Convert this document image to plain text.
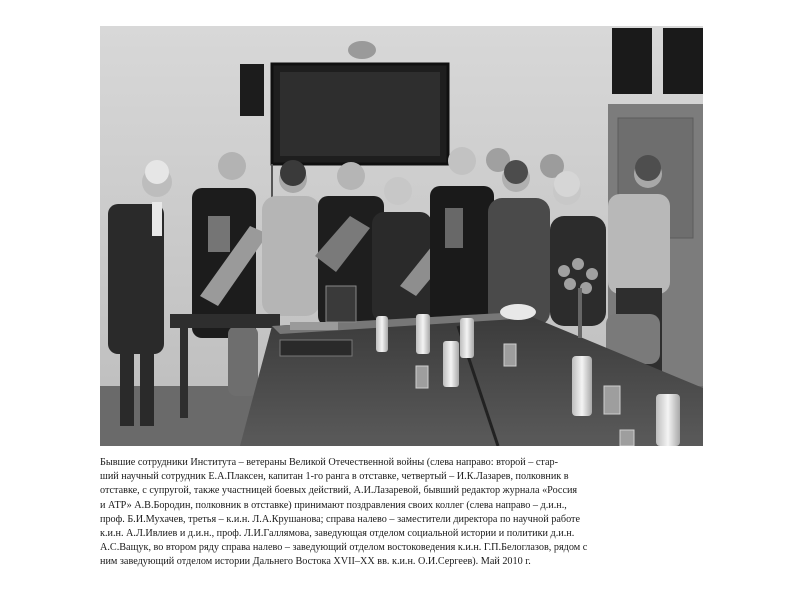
Бывшие сотрудники Института – ветераны Великой Отечественной войны (слева направо: второй – стар-
ший научный сотрудник Е.А.Плаксен, капитан 1-го ранга в отставке, четвертый – И.К.Лазарев, полковник в
отставке, с супругой, также участницей боевых действий, А.И.Лазаревой, бывший редактор журнала «Россия
и АТР» А.В.Бородин, полковник в отставке) принимают поздравления своих коллег (слева направо – д.и.н.,
проф. Б.И.Мухачев, третья – к.и.н. Л.А.Крушанова; справа налево – заместители директора по научной работе
к.и.н. А.Л.Ивлиев и д.и.н., проф. Л.И.Галлямова, заведующая отделом социальной истории и политики д.и.н.
А.С.Ващук, во втором ряду справа налево – заведующий отделом востоковедения к.и.н. Г.П.Белоглазов, рядом с
ним заведующий отделом истории Дальнего Востока XVII–XX вв. к.и.н. О.И.Сергеев). Май 2010 г.
